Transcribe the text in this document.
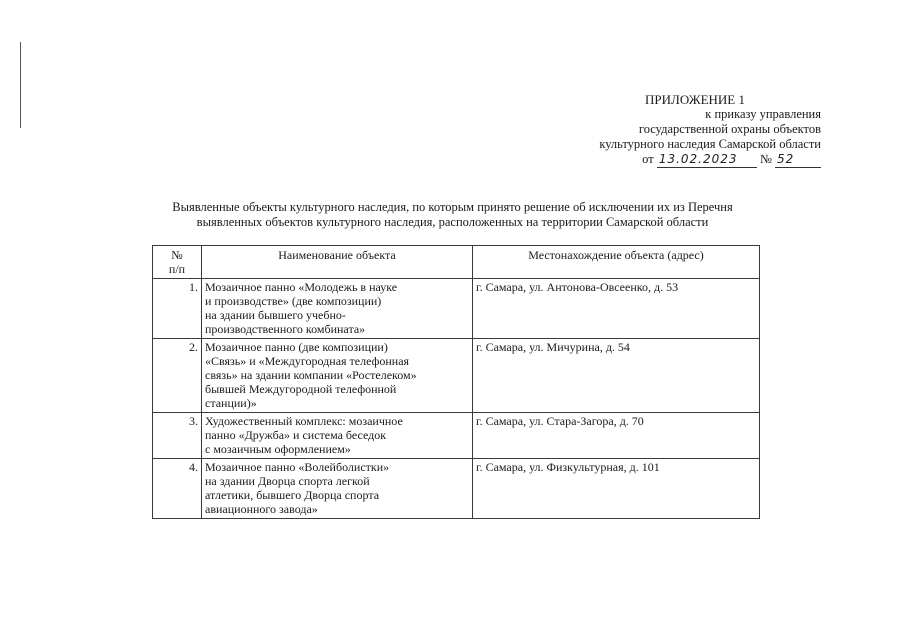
ПРИЛОЖЕНИЕ 1
к приказу управления
государственной охраны объектов
культурного наследия Самарской области
от 13.02.2023 № 52
Выявленные объекты культурного наследия, по которым принято решение об исключении их из Перечня
выявленных объектов культурного наследия, расположенных на территории Самарской области
№
п/п	Наименование объекта	Местонахождение объекта (адрес)
1.	Мозаичное панно «Молодежь в науке
и производстве» (две композиции)
на здании бывшего учебно-
производственного комбината»	г. Самара, ул. Антонова-Овсеенко, д. 53
2.	Мозаичное панно (две композиции)
«Связь» и «Междугородная телефонная
связь» на здании компании «Ростелеком»
бывшей Междугородной телефонной
станции)»	г. Самара, ул. Мичурина, д. 54
3.	Художественный комплекс: мозаичное
панно «Дружба» и система беседок
с мозаичным оформлением»	г. Самара, ул. Стара-Загора, д. 70
4.	Мозаичное панно «Волейболистки»
на здании Дворца спорта легкой
атлетики, бывшего Дворца спорта
авиационного завода»	г. Самара, ул. Физкультурная, д. 101
